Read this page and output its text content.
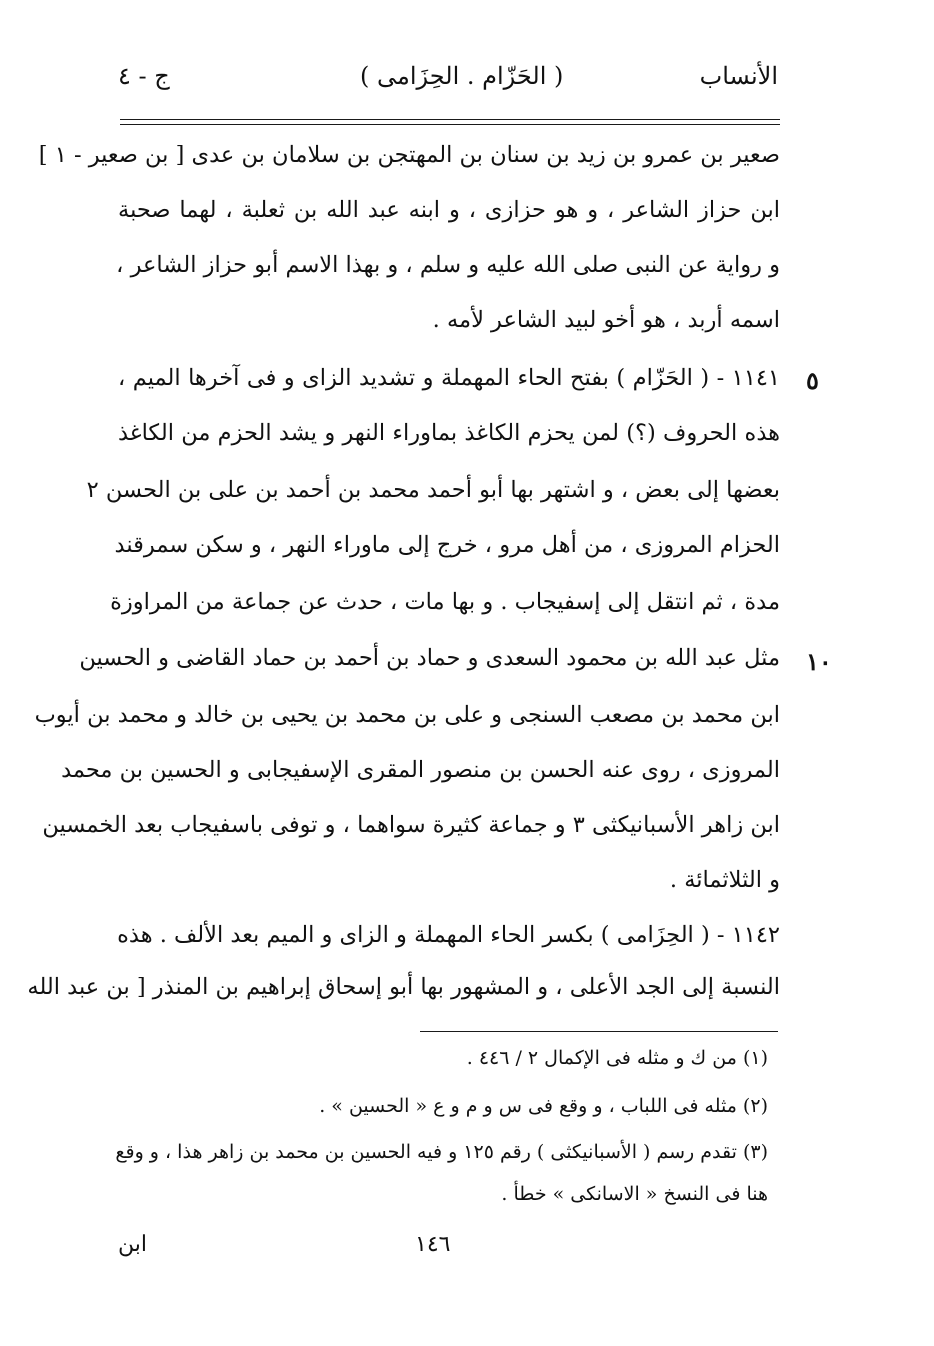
الأنساب
( الحَزّام . الحِزَامى )
ج - ٤
صعير بن عمرو بن زيد بن سنان بن المهتجن بن سلامان بن عدى [ بن صعير - ١ ]
ابن حزاز الشاعر ، و هو حزازى ، و ابنه عبد الله بن ثعلبة ، لهما صحبة
و رواية عن النبى صلى الله عليه و سلم ، و بهذا الاسم أبو حزاز الشاعر ،
اسمه أربد ، هو أخو لبيد الشاعر لأمه .
١١٤١ - ( الحَزّام ) بفتح الحاء المهملة و تشديد الزاى و فى آخرها الميم ، ٥
هذه الحروف (؟) لمن يحزم الكاغذ بماوراء النهر و يشد الحزم من الكاغذ
بعضها إلى بعض ، و اشتهر بها أبو أحمد محمد بن أحمد بن على بن الحسن ٢
الحزام المروزى ، من أهل مرو ، خرج إلى ماوراء النهر ، و سكن سمرقند
مدة ، ثم انتقل إلى إسفيجاب . و بها مات ، حدث عن جماعة من المراوزة
مثل عبد الله بن محمود السعدى و حماد بن أحمد بن حماد القاضى و الحسين ١٠
ابن محمد بن مصعب السنجى و على بن محمد بن يحيى بن خالد و محمد بن أيوب
المروزى ، روى عنه الحسن بن منصور المقرى الإسفيجابى و الحسين بن محمد
ابن زاهر الأسبانيكثى ٣ و جماعة كثيرة سواهما ، و توفى باسفيجاب بعد الخمسين
و الثلاثمائة .
١١٤٢ - ( الحِزَامى ) بكسر الحاء المهملة و الزاى و الميم بعد الألف . هذه
النسبة إلى الجد الأعلى ، و المشهور بها أبو إسحاق إبراهيم بن المنذر [ بن عبد الله
(١) من ك و مثله فى الإكمال ٢ / ٤٤٦ .
(٢) مثله فى اللباب ، و وقع فى س و م و ع « الحسين » .
(٣) تقدم رسم ( الأسبانيكثى ) رقم ١٢٥ و فيه الحسين بن محمد بن زاهر هذا ، و وقع
هنا فى النسخ « الاسانكى » خطأ .
١٤٦
ابن
